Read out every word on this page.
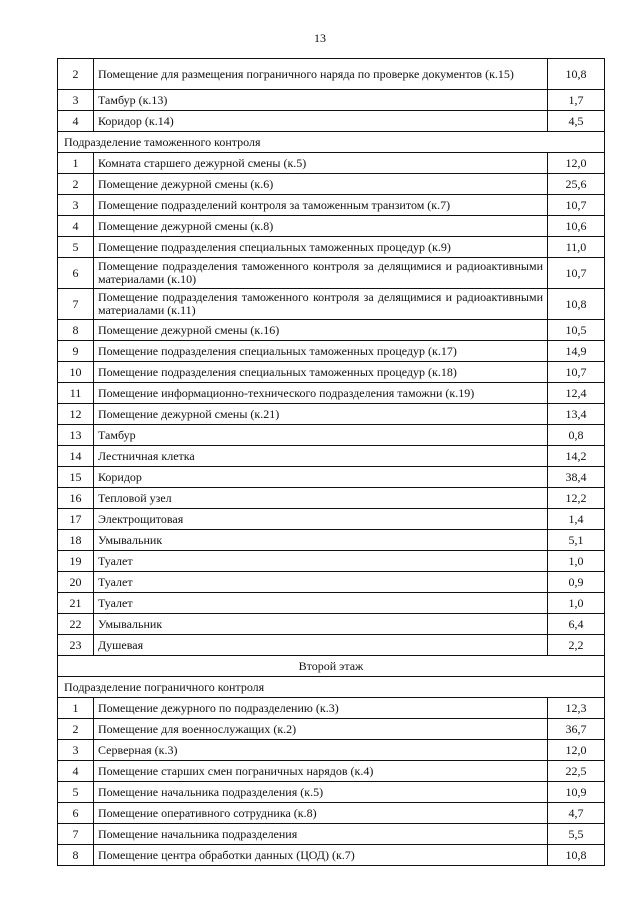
13
2	Помещение для размещения пограничного наряда по проверке документов (к.15)	10,8
3	Тамбур (к.13)	1,7
4	Коридор (к.14)	4,5
Подразделение таможенного контроля		
1	Комната старшего дежурной смены (к.5)	12,0
2	Помещение дежурной смены (к.6)	25,6
3	Помещение подразделений контроля за таможенным транзитом (к.7)	10,7
4	Помещение дежурной смены (к.8)	10,6
5	Помещение подразделения специальных таможенных процедур (к.9)	11,0
6	Помещение подразделения таможенного контроля за делящимися и радиоактивными материалами (к.10)	10,7
7	Помещение подразделения таможенного контроля за делящимися и радиоактивными материалами (к.11)	10,8
8	Помещение дежурной смены (к.16)	10,5
9	Помещение подразделения специальных таможенных процедур (к.17)	14,9
10	Помещение подразделения специальных таможенных процедур (к.18)	10,7
11	Помещение информационно-технического подразделения таможни (к.19)	12,4
12	Помещение дежурной смены (к.21)	13,4
13	Тамбур	0,8
14	Лестничная клетка	14,2
15	Коридор	38,4
16	Тепловой узел	12,2
17	Электрощитовая	1,4
18	Умывальник	5,1
19	Туалет	1,0
20	Туалет	0,9
21	Туалет	1,0
22	Умывальник	6,4
23	Душевая	2,2
Второй этаж		
Подразделение пограничного контроля		
1	Помещение дежурного по подразделению (к.3)	12,3
2	Помещение для военнослужащих (к.2)	36,7
3	Серверная (к.3)	12,0
4	Помещение старших смен пограничных нарядов (к.4)	22,5
5	Помещение начальника подразделения (к.5)	10,9
6	Помещение оперативного сотрудника (к.8)	4,7
7	Помещение начальника подразделения	5,5
8	Помещение центра обработки данных (ЦОД) (к.7)	10,8
